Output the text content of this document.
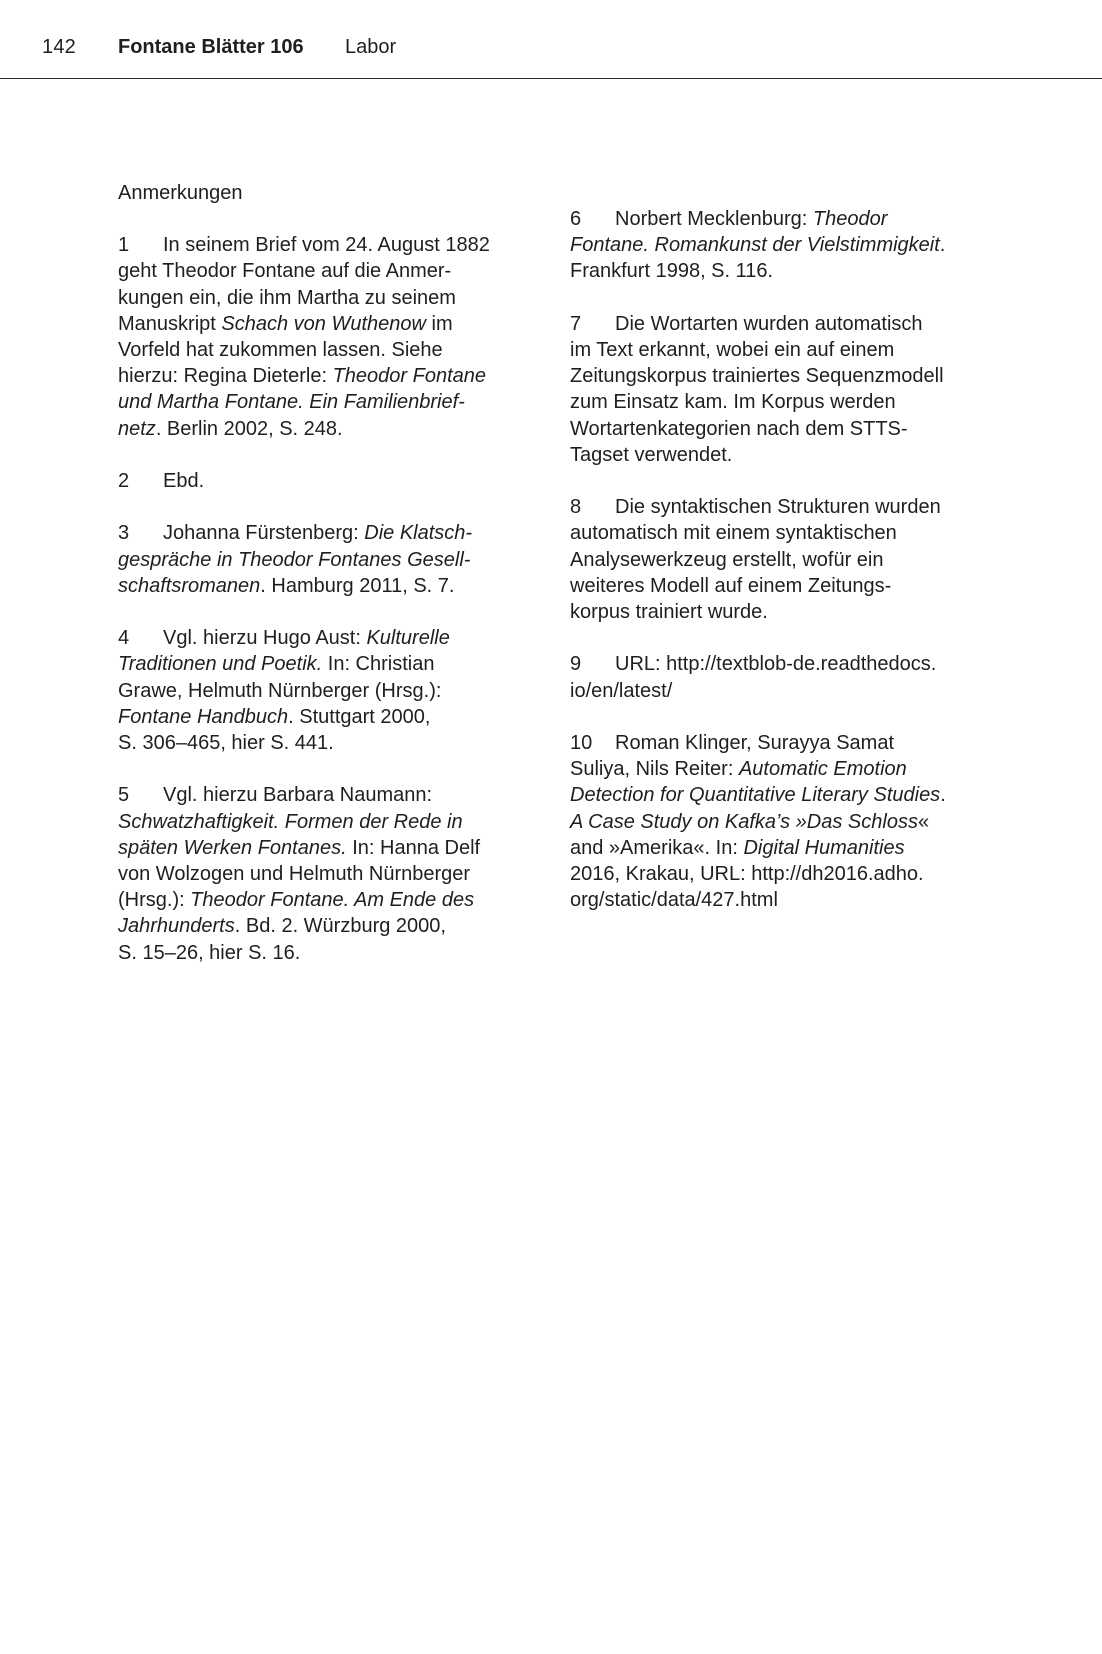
142 Fontane Blätter 106 Labor
Anmerkungen
1 In seinem Brief vom 24. August 1882
geht Theodor Fontane auf die Anmer-
kungen ein, die ihm Martha zu seinem
Manuskript Schach von Wuthenow im
Vorfeld hat zukommen lassen. Siehe
hierzu: Regina Dieterle: Theodor Fontane
und Martha Fontane. Ein Familienbrief-
netz. Berlin 2002, S. 248.
2 Ebd.
3 Johanna Fürstenberg: Die Klatsch-
gespräche in Theodor Fontanes Gesell-
schaftsromanen. Hamburg 2011, S. 7.
4 Vgl. hierzu Hugo Aust: Kulturelle
Traditionen und Poetik. In: Christian
Grawe, Helmuth Nürnberger (Hrsg.):
Fontane Handbuch. Stuttgart 2000,
S. 306–465, hier S. 441.
5 Vgl. hierzu Barbara Naumann:
Schwatzhaftigkeit. Formen der Rede in
späten Werken Fontanes. In: Hanna Delf
von Wolzogen und Helmuth Nürnberger
(Hrsg.): Theodor Fontane. Am Ende des
Jahrhunderts. Bd. 2. Würzburg 2000,
S. 15–26, hier S. 16.
6 Norbert Mecklenburg: Theodor
Fontane. Romankunst der Vielstimmigkeit.
Frankfurt 1998, S. 116.
7 Die Wortarten wurden automatisch
im Text erkannt, wobei ein auf einem
Zeitungskorpus trainiertes Sequenzmodell
zum Einsatz kam. Im Korpus werden
Wortartenkategorien nach dem STTS-
Tagset verwendet.
8 Die syntaktischen Strukturen wurden
automatisch mit einem syntaktischen
Analysewerkzeug erstellt, wofür ein
weiteres Modell auf einem Zeitungs-
korpus trainiert wurde.
9 URL: http://textblob-de.readthedocs.
io/en/latest/
10 Roman Klinger, Surayya Samat
Suliya, Nils Reiter: Automatic Emotion
Detection for Quantitative Literary Studies.
A Case Study on Kafka’s »Das Schloss«
and »Amerika«. In: Digital Humanities
2016, Krakau, URL: http://dh2016.adho.
org/static/data/427.html
